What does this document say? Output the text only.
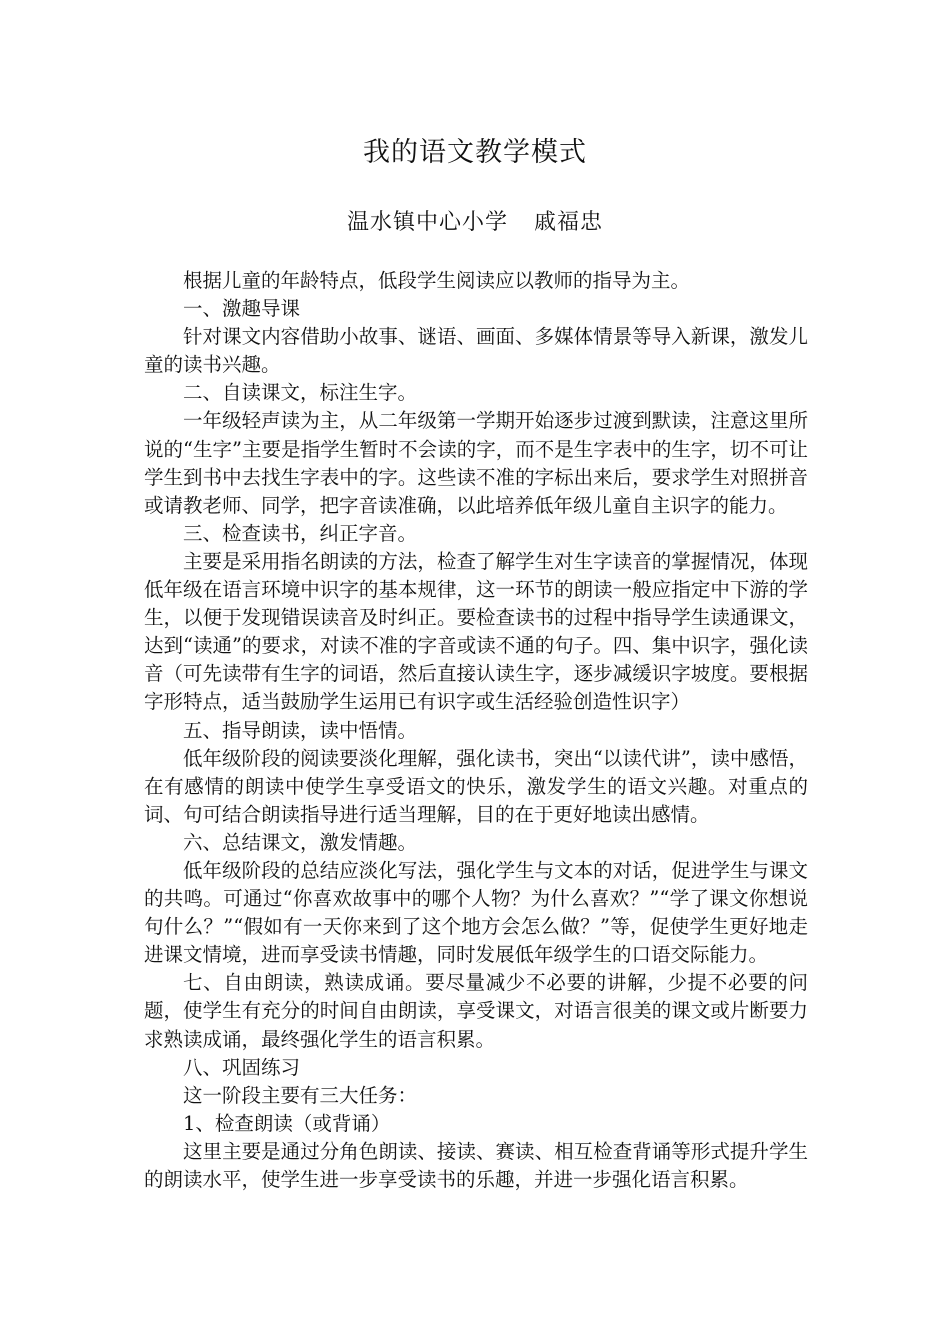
我的语文教学模式
温水镇中心小学 戚福忠

根据儿童的年龄特点，低段学生阅读应以教师的指导为主。

一、激趣导课

针对课文内容借助小故事、谜语、画面、多媒体情景等导入新课，激发儿童的读书兴趣。

二、自读课文，标注生字。

一年级轻声读为主，从二年级第一学期开始逐步过渡到默读，注意这里所说的“生字”主要是指学生暂时不会读的字，而不是生字表中的生字，切不可让学生到书中去找生字表中的字。这些读不准的字标出来后，要求学生对照拼音或请教老师、同学，把字音读准确，以此培养低年级儿童自主识字的能力。

三、检查读书，纠正字音。

主要是采用指名朗读的方法，检查了解学生对生字读音的掌握情况，体现低年级在语言环境中识字的基本规律，这一环节的朗读一般应指定中下游的学生，以便于发现错误读音及时纠正。要检查读书的过程中指导学生读通课文，达到“读通”的要求，对读不准的字音或读不通的句子。四、集中识字，强化读音（可先读带有生字的词语，然后直接认读生字，逐步减缓识字坡度。要根据字形特点，适当鼓励学生运用已有识字或生活经验创造性识字）

五、指导朗读，读中悟情。

低年级阶段的阅读要淡化理解，强化读书，突出“以读代讲”，读中感悟，在有感情的朗读中使学生享受语文的快乐，激发学生的语文兴趣。对重点的词、句可结合朗读指导进行适当理解，目的在于更好地读出感情。

六、总结课文，激发情趣。

低年级阶段的总结应淡化写法，强化学生与文本的对话，促进学生与课文的共鸣。可通过“你喜欢故事中的哪个人物？为什么喜欢？”“学了课文你想说句什么？”“假如有一天你来到了这个地方会怎么做？”等，促使学生更好地走进课文情境，进而享受读书情趣，同时发展低年级学生的口语交际能力。

七、自由朗读，熟读成诵。要尽量减少不必要的讲解，少提不必要的问题，使学生有充分的时间自由朗读，享受课文，对语言很美的课文或片断要力求熟读成诵，最终强化学生的语言积累。

八、巩固练习

这一阶段主要有三大任务：

1、检查朗读（或背诵）

这里主要是通过分角色朗读、接读、赛读、相互检查背诵等形式提升学生的朗读水平，使学生进一步享受读书的乐趣，并进一步强化语言积累。
